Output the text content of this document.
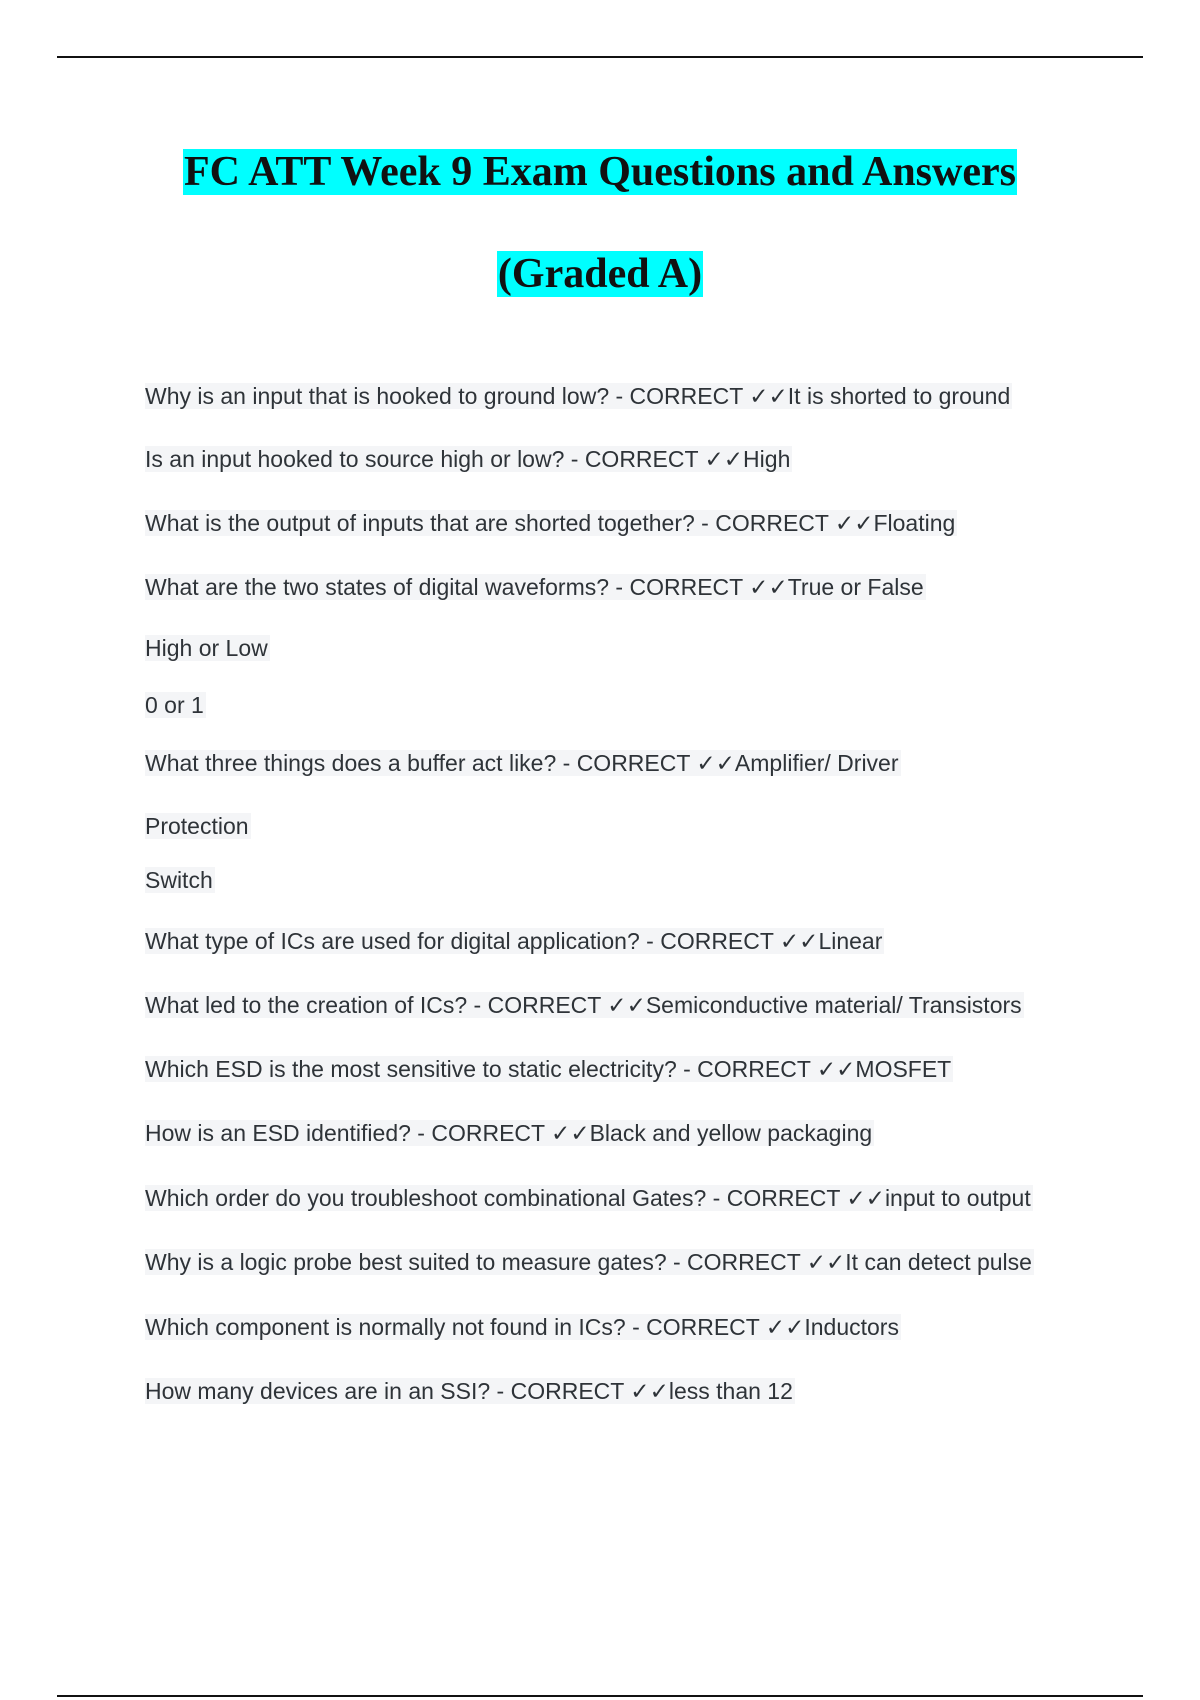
FC ATT Week 9 Exam Questions and Answers
(Graded A)
Why is an input that is hooked to ground low? - CORRECT ✓✓It is shorted to ground
Is an input hooked to source high or low? - CORRECT ✓✓High
What is the output of inputs that are shorted together? - CORRECT ✓✓Floating
What are the two states of digital waveforms? - CORRECT ✓✓True or False
High or Low
0 or 1
What three things does a buffer act like? - CORRECT ✓✓Amplifier/ Driver
Protection
Switch
What type of ICs are used for digital application? - CORRECT ✓✓Linear
What led to the creation of ICs? - CORRECT ✓✓Semiconductive material/ Transistors
Which ESD is the most sensitive to static electricity? - CORRECT ✓✓MOSFET
How is an ESD identified? - CORRECT ✓✓Black and yellow packaging
Which order do you troubleshoot combinational Gates? - CORRECT ✓✓input to output
Why is a logic probe best suited to measure gates? - CORRECT ✓✓It can detect pulse
Which component is normally not found in ICs? - CORRECT ✓✓Inductors
How many devices are in an SSI? - CORRECT ✓✓less than 12
